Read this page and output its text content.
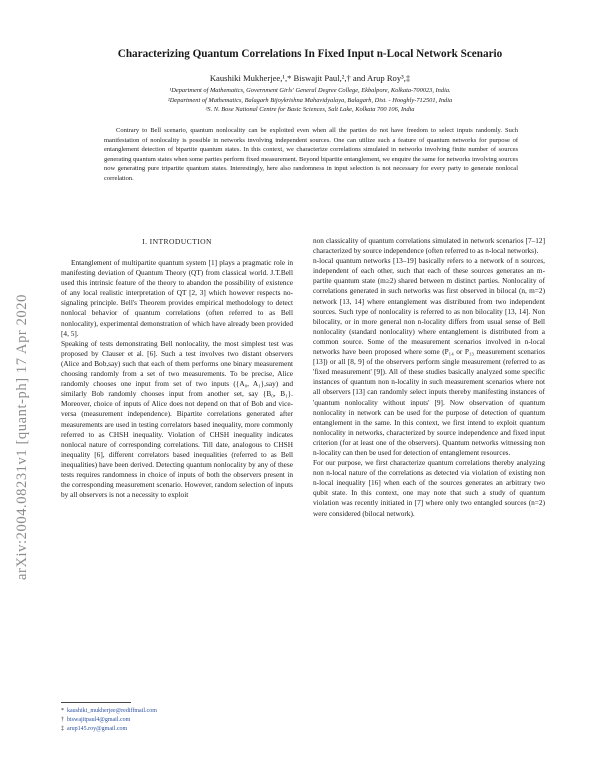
arXiv:2004.08231v1 [quant-ph] 17 Apr 2020
Characterizing Quantum Correlations In Fixed Input n-Local Network Scenario
Kaushiki Mukherjee,¹,* Biswajit Paul,²,† and Arup Roy³,‡
¹Department of Mathematics, Government Girls' General Degree College, Ekbalpore, Kolkata-700023, India.
²Department of Mathematics, Balagarh Bijoykrishna Mahavidyalaya, Balagarh, Dist. - Hooghly-712501, India
³S. N. Bose National Centre for Basic Sciences, Salt Lake, Kolkata 700 106, India
Contrary to Bell scenario, quantum nonlocality can be exploited even when all the parties do not have freedom to select inputs randomly. Such manifestation of nonlocality is possible in networks involving independent sources. One can utilize such a feature of quantum networks for purpose of entanglement detection of bipartite quantum states. In this context, we characterize correlations simulated in networks involving finite number of sources generating quantum states when some parties perform fixed measurement. Beyond bipartite entanglement, we enquire the same for networks involving sources now generating pure tripartite quantum states. Interestingly, here also randomness in input selection is not necessary for every party to generate nonlocal correlation.
I. INTRODUCTION

Entanglement of multipartite quantum system [1] plays a pragmatic role in manifesting deviation of Quantum Theory (QT) from classical world. J.T.Bell used this intrinsic feature of the theory to abandon the possibility of existence of any local realistic interpretation of QT [2, 3] which however respects no-signaling principle. Bell's Theorem provides empirical methodology to detect nonlocal behavior of quantum correlations (often referred to as Bell nonlocality), experimental demonstration of which have already been provided [4, 5].

Speaking of tests demonstrating Bell nonlocality, the most simplest test was proposed by Clauser et al. [6]. Such a test involves two distant observers (Alice and Bob,say) such that each of them performs one binary measurement choosing randomly from a set of two measurements. To be precise, Alice randomly chooses one input from set of two inputs ({A₀, A₁},say) and similarly Bob randomly chooses input from another set, say {B₀, B₁}. Moreover, choice of inputs of Alice does not depend on that of Bob and vice-versa (measurement independence). Bipartite correlations generated after measurements are used in testing correlators based inequality, more commonly referred to as CHSH inequality. Violation of CHSH inequality indicates nonlocal nature of corresponding correlations. Till date, analogous to CHSH inequality [6], different correlators based inequalities (referred to as Bell inequalities) have been derived. Detecting quantum nonlocality by any of these tests requires randomness in choice of inputs of both the observers present in the corresponding measurement scenario. However, random selection of inputs by all observers is not a necessity to exploit

non classicality of quantum correlations simulated in network scenarios [7–12] characterized by source independence (often referred to as n-local networks).

n-local quantum networks [13–19] basically refers to a network of n sources, independent of each other, such that each of these sources generates an m-partite quantum state (m≥2) shared between m distinct parties. Nonlocality of correlations generated in such networks was first observed in bilocal (n, m=2) network [13, 14] where entanglement was distributed from two independent sources. Such type of nonlocality is referred to as non bilocality [13, 14]. Non bilocality, or in more general non n-locality differs from usual sense of Bell nonlocality (standard nonlocality) where entanglement is distributed from a common source. Some of the measurement scenarios involved in n-local networks have been proposed where some (P₁₄ or P₁₃ measurement scenarios [13]) or all [8, 9] of the observers perform single measurement (referred to as 'fixed measurement' [9]). All of these studies basically analyzed some specific instances of quantum non n-locality in such measurement scenarios where not all observers [13] can randomly select inputs thereby manifesting instances of 'quantum nonlocality without inputs' [9]. Now observation of quantum nonlocality in network can be used for the purpose of detection of quantum entanglement in the same. In this context, we first intend to exploit quantum nonlocality in networks, characterized by source independence and fixed input criterion (for at least one of the observers). Quantum networks witnessing non n-locality can then be used for detection of entanglement resources.

For our purpose, we first characterize quantum correlations thereby analyzing non n-local nature of the correlations as detected via violation of existing non n-local inequality [16] when each of the sources generates an arbitrary two qubit state. In this context, one may note that such a study of quantum violation was recently initiated in [7] where only two entangled sources (n=2) were considered (bilocal network).

* kaushiki_mukherjee@rediffmail.com
† biswajitpaul4@gmail.com
‡ arup145.roy@gmail.com
